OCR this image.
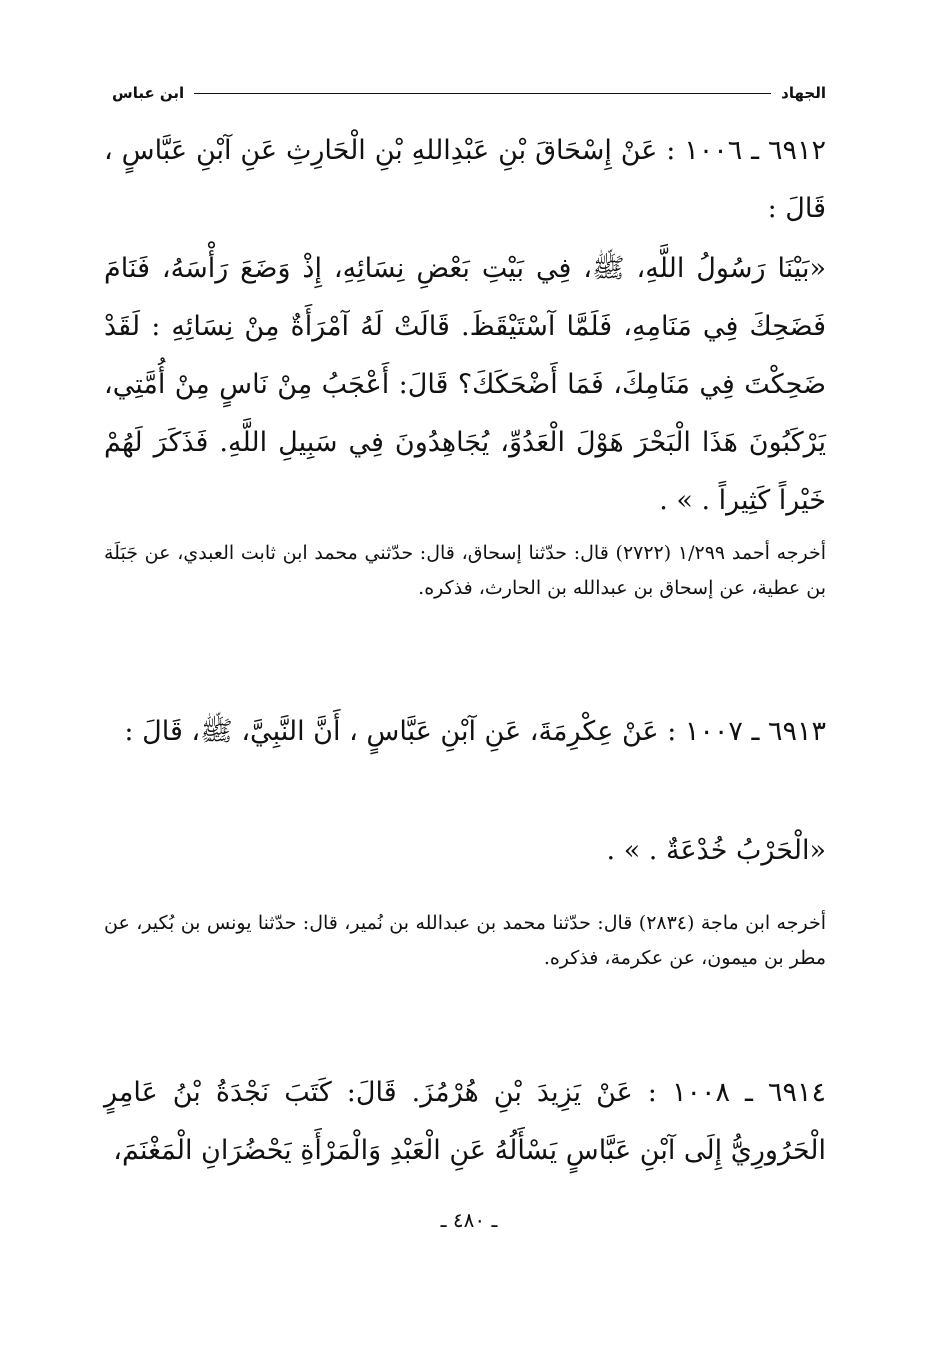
الجهاد
ابن عباس

٦٩١٢ ـ ١٠٠٦ : عَنْ إِسْحَاقَ بْنِ عَبْدِاللهِ بْنِ الْحَارِثِ عَنِ آبْنِ عَبَّاسٍ ، قَالَ :

«بَيْنَا رَسُولُ اللَّهِ، ﷺ، فِي بَيْتِ بَعْضِ نِسَائِهِ، إِذْ وَضَعَ رَأْسَهُ، فَنَامَ فَضَحِكَ فِي مَنَامِهِ، فَلَمَّا آسْتَيْقَظَ. قَالَتْ لَهُ آمْرَأَةٌ مِنْ نِسَائِهِ : لَقَدْ ضَحِكْتَ فِي مَنَامِكَ، فَمَا أَضْحَكَكَ؟ قَالَ: أَعْجَبُ مِنْ نَاسٍ مِنْ أُمَّتِي، يَرْكَبُونَ هَذَا الْبَحْرَ هَوْلَ الْعَدُوِّ، يُجَاهِدُونَ فِي سَبِيلِ اللَّهِ. فَذَكَرَ لَهُمْ خَيْراً كَثِيراً . » .

أخرجه أحمد ١/٢٩٩ (٢٧٢٢) قال: حدّثنا إسحاق، قال: حدّثني محمد ابن ثابت العبدي، عن جَبَلَة بن عطية، عن إسحاق بن عبدالله بن الحارث، فذكره.

٦٩١٣ ـ ١٠٠٧ : عَنْ عِكْرِمَةَ، عَنِ آبْنِ عَبَّاسٍ ، أَنَّ النَّبِيَّ، ﷺ، قَالَ :

«الْحَرْبُ خُدْعَةٌ . » .

أخرجه ابن ماجة (٢٨٣٤) قال: حدّثنا محمد بن عبدالله بن نُمير، قال: حدّثنا يونس بن بُكير، عن مطر بن ميمون، عن عكرمة، فذكره.

٦٩١٤ ـ ١٠٠٨ : عَنْ يَزِيدَ بْنِ هُرْمُزَ. قَالَ: كَتَبَ نَجْدَةُ بْنُ عَامِرٍ الْحَرُورِيُّ إِلَى آبْنِ عَبَّاسٍ يَسْأَلُهُ عَنِ الْعَبْدِ وَالْمَرْأَةِ يَحْضُرَانِ الْمَغْنَمَ،

ـ ٤٨٠ ـ
